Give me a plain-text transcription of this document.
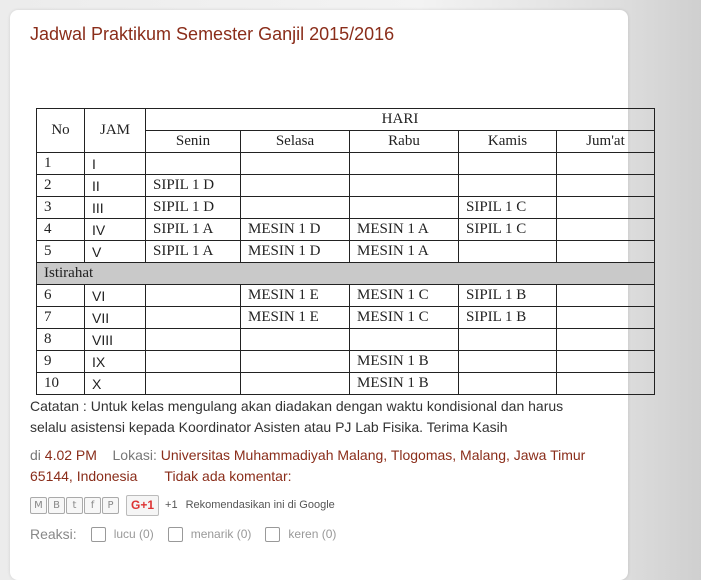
Jadwal Praktikum Semester Ganjil 2015/2016
No	JAM	HARI				
		Senin	Selasa	Rabu	Kamis	Jum'at
1	I					
2	II	SIPIL 1 D				
3	III	SIPIL 1 D			SIPIL 1 C	
4	IV	SIPIL 1 A	MESIN 1 D	MESIN 1 A	SIPIL 1 C	
5	V	SIPIL 1 A	MESIN 1 D	MESIN 1 A		
Istirahat						
6	VI		MESIN 1 E	MESIN 1 C	SIPIL 1 B	
7	VII		MESIN 1 E	MESIN 1 C	SIPIL 1 B	
8	VIII					
9	IX			MESIN 1 B		
10	X			MESIN 1 B		
Catatan : Untuk kelas mengulang akan diadakan dengan waktu kondisional dan harus selalu asistensi kepada Koordinator Asisten atau PJ Lab Fisika. Terima Kasih
di 4.02 PM Lokasi: Universitas Muhammadiyah Malang, Tlogomas, Malang, Jawa Timur 65144, Indonesia Tidak ada komentar:
M	B	t	f	P	G+1	+1 Rekomendasikan ini di Google
Reaksi:	lucu (0)	menarik (0)	keren (0)
